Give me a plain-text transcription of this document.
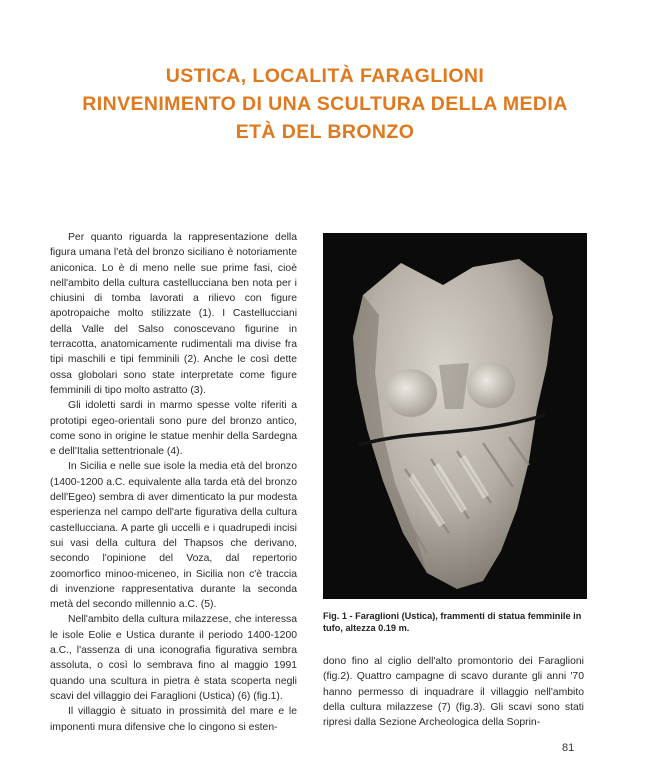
USTICA, LOCALITÀ FARAGLIONI
RINVENIMENTO DI UNA SCULTURA DELLA MEDIA
ETÀ DEL BRONZO

Per quanto riguarda la rappresentazione della figura umana l'età del bronzo siciliano è notoriamente aniconica. Lo è di meno nelle sue prime fasi, cioè nell'ambito della cultura castellucciana ben nota per i chiusini di tomba lavorati a rilievo con figure apotropaiche molto stilizzate (1). I Castellucciani della Valle del Salso conoscevano figurine in terracotta, anatomicamente rudimentali ma divise fra tipi maschili e tipi femminili (2). Anche le così dette ossa globolari sono state interpretate come figure femminili di tipo molto astratto (3).

Gli idoletti sardi in marmo spesse volte riferiti a prototipi egeo-orientali sono pure del bronzo antico, come sono in origine le statue menhir della Sardegna e dell'Italia settentrionale (4).

In Sicilia e nelle sue isole la media età del bronzo (1400-1200 a.C. equivalente alla tarda età del bronzo dell'Egeo) sembra di aver dimenticato la pur modesta esperienza nel campo dell'arte figurativa della cultura castellucciana. A parte gli uccelli e i quadrupedi incisi sui vasi della cultura del Thapsos che derivano, secondo l'opinione del Voza, dal repertorio zoomorfico minoo-miceneo, in Sicilia non c'è traccia di invenzione rappresentativa durante la seconda metà del secondo millennio a.C. (5).

Nell'ambito della cultura milazzese, che interessa le isole Eolie e Ustica durante il periodo 1400-1200 a.C., l'assenza di una iconografia figurativa sembra assoluta, o così lo sembrava fino al maggio 1991 quando una scultura in pietra è stata scoperta negli scavi del villaggio dei Faraglioni (Ustica) (6) (fig.1).

Il villaggio è situato in prossimità del mare e le imponenti mura difensive che lo cingono si esten-

Fig. 1 - Faraglioni (Ustica), frammenti di statua femminile in tufo, altezza 0.19 m.

dono fino al ciglio dell'alto promontorio dei Faraglioni (fig.2). Quattro campagne di scavo durante gli anni '70 hanno permesso di inquadrare il villaggio nell'ambito della cultura milazzese (7) (fig.3). Gli scavi sono stati ripresi dalla Sezione Archeologica della Soprin-

81
